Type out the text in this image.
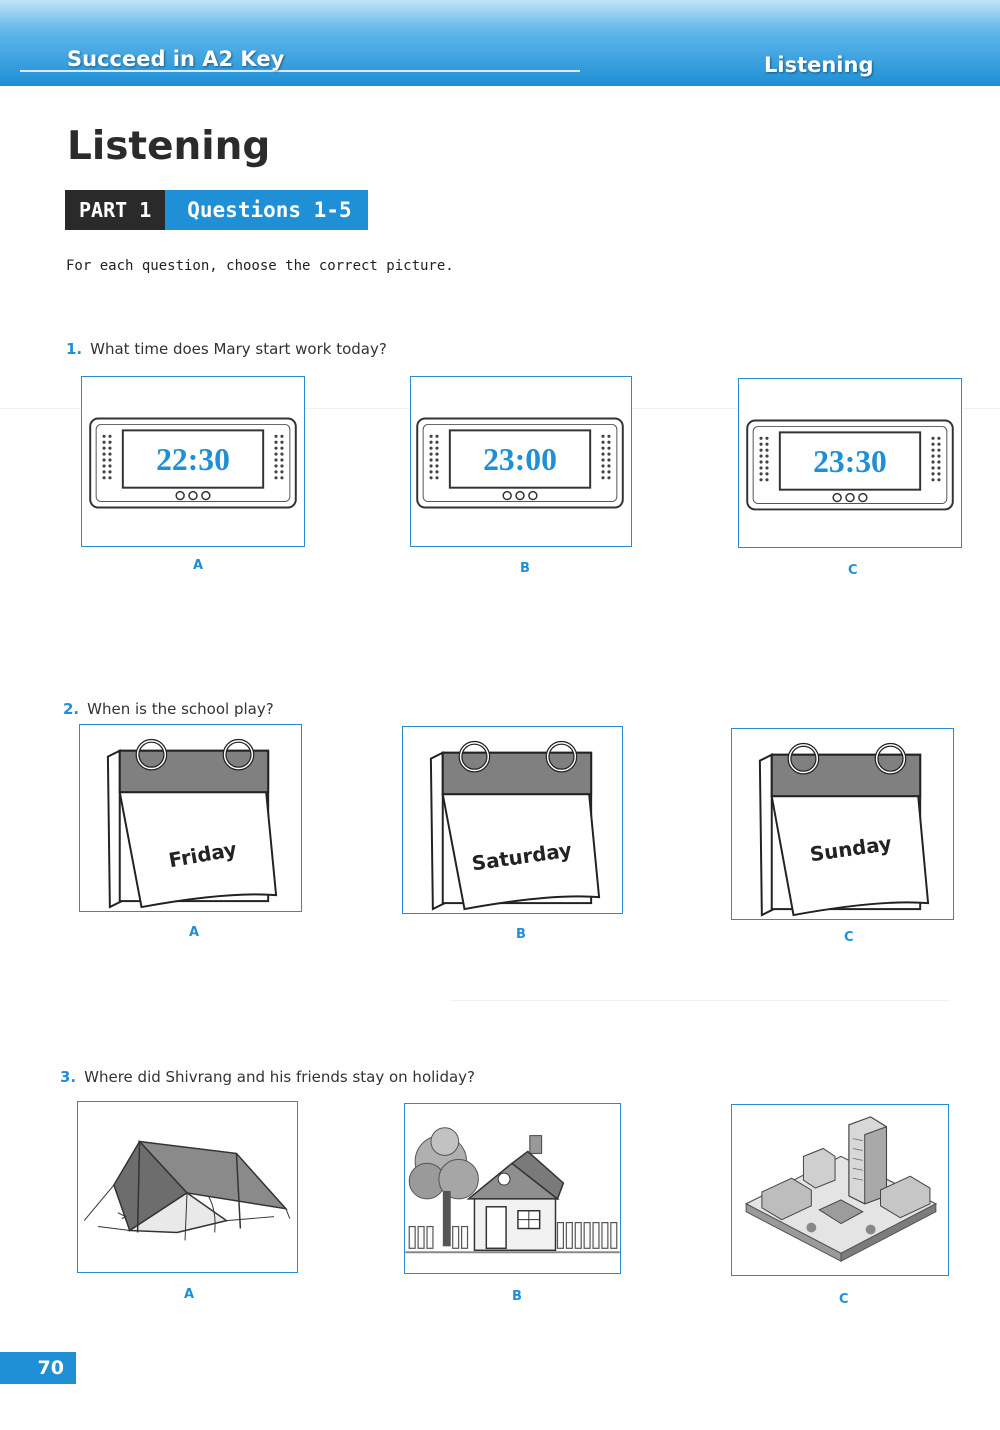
Succeed in A2 Key	Listening
Listening
PART 1	Questions 1-5
For each question, choose the correct picture.
1. What time does Mary start work today?
22:30
A
23:00
B
23:30
C
2. When is the school play?
Friday
A
Saturday
B
Sunday
C
3. Where did Shivrang and his friends stay on holiday?
A	B	C
70
